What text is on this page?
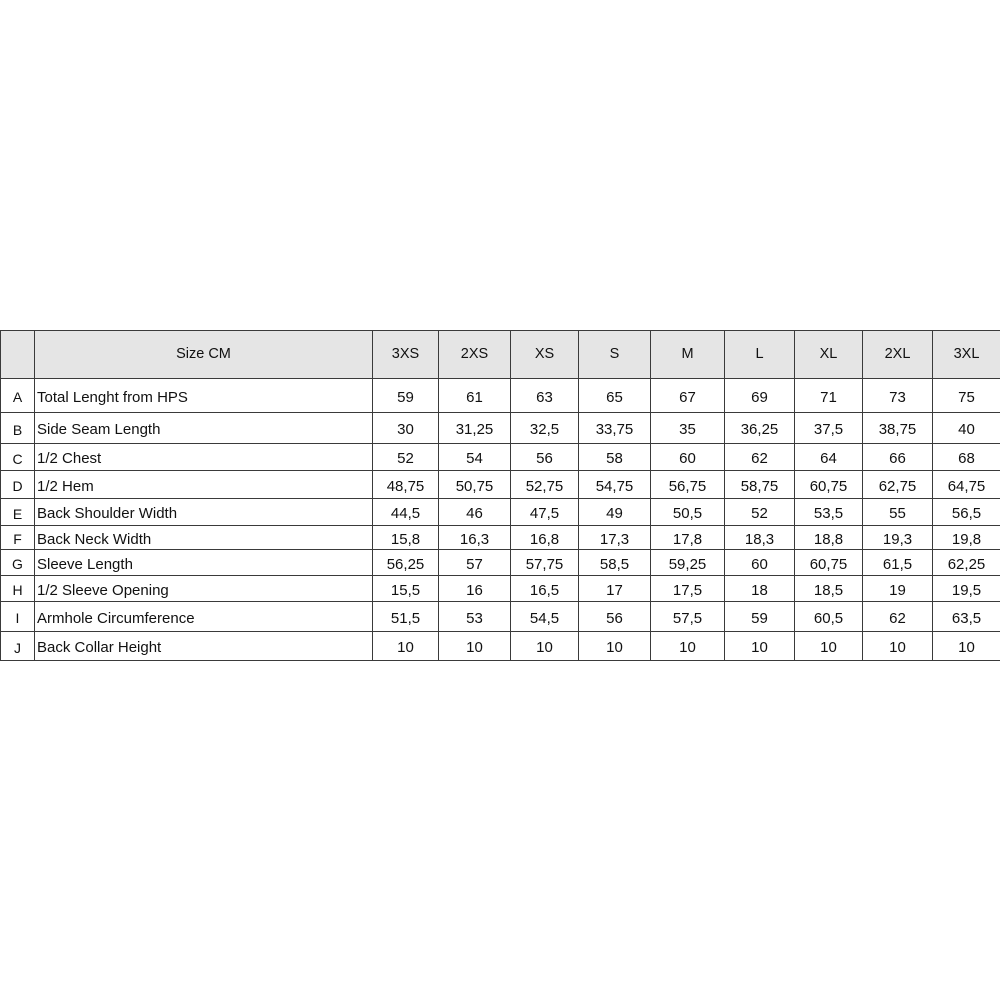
	Size CM	3XS	2XS	XS	S	M	L	XL	2XL	3XL
A	Total Lenght from HPS	59	61	63	65	67	69	71	73	75
B	Side Seam Length	30	31,25	32,5	33,75	35	36,25	37,5	38,75	40
C	1/2 Chest	52	54	56	58	60	62	64	66	68
D	1/2 Hem	48,75	50,75	52,75	54,75	56,75	58,75	60,75	62,75	64,75
E	Back Shoulder Width	44,5	46	47,5	49	50,5	52	53,5	55	56,5
F	Back Neck Width	15,8	16,3	16,8	17,3	17,8	18,3	18,8	19,3	19,8
G	Sleeve Length	56,25	57	57,75	58,5	59,25	60	60,75	61,5	62,25
H	1/2 Sleeve Opening	15,5	16	16,5	17	17,5	18	18,5	19	19,5
I	Armhole Circumference	51,5	53	54,5	56	57,5	59	60,5	62	63,5
J	Back Collar Height	10	10	10	10	10	10	10	10	10
